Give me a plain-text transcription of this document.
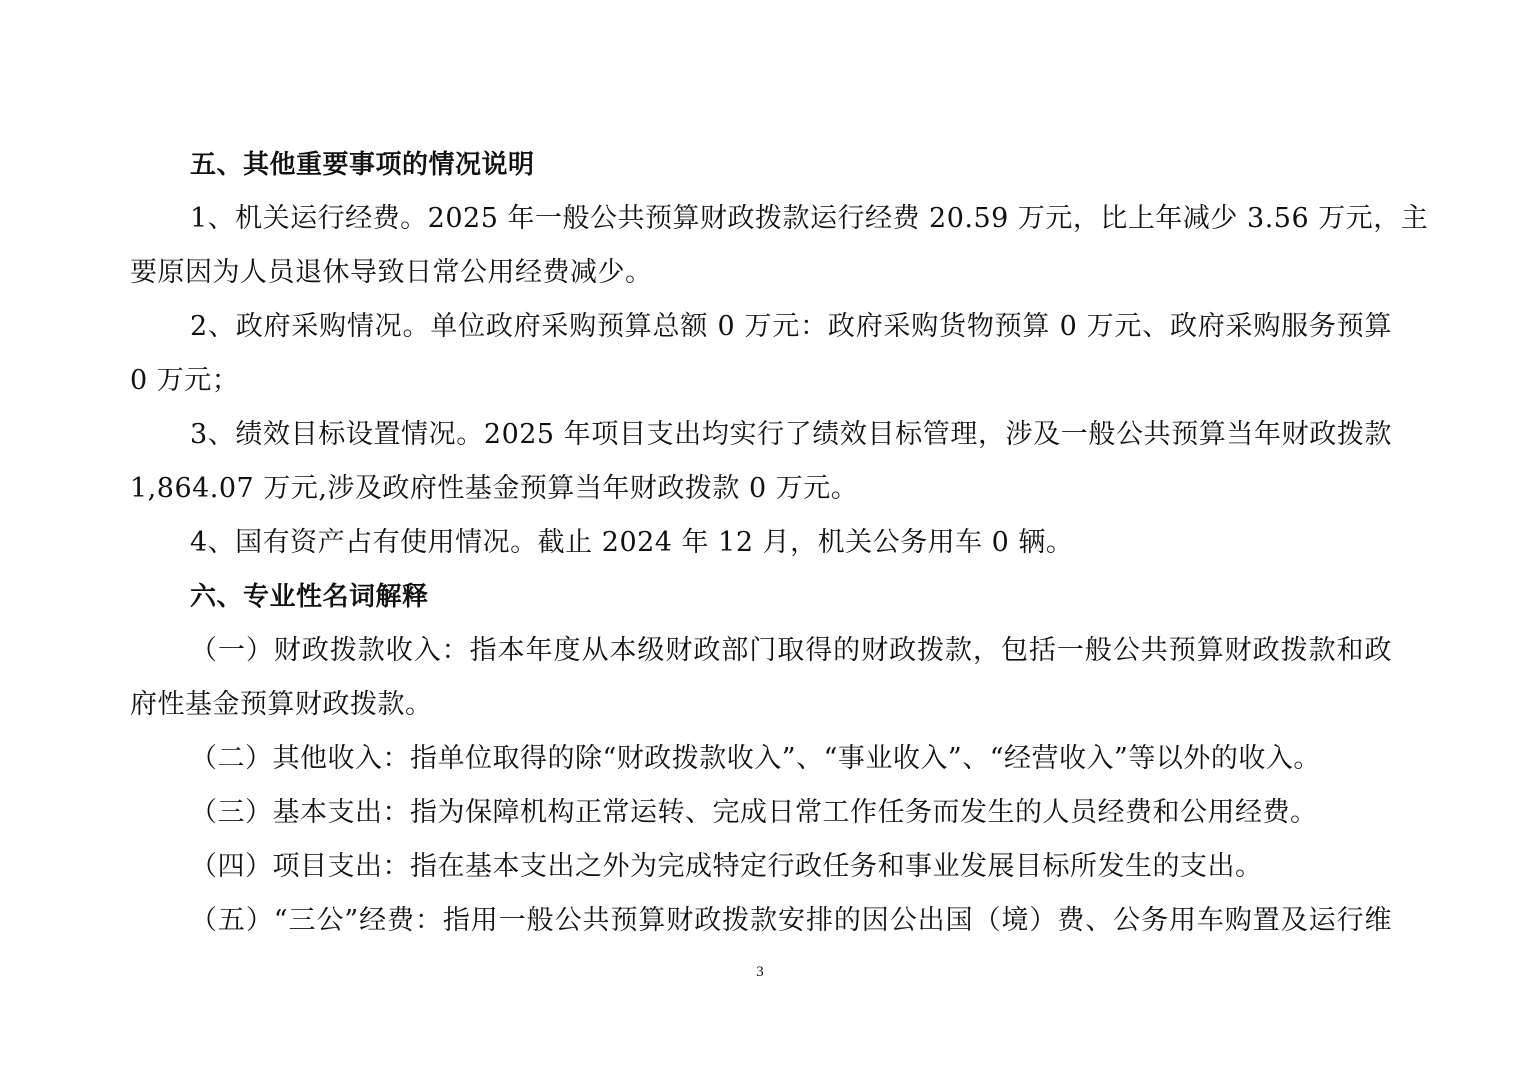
五、其他重要事项的情况说明
1、机关运行经费。2025 年一般公共预算财政拨款运行经费 20.59 万元，比上年减少 3.56 万元，主
要原因为人员退休导致日常公用经费减少。
2、政府采购情况。单位政府采购预算总额 0 万元：政府采购货物预算 0 万元、政府采购服务预算
0 万元；
3、绩效目标设置情况。2025 年项目支出均实行了绩效目标管理，涉及一般公共预算当年财政拨款
1,864.07 万元,涉及政府性基金预算当年财政拨款 0 万元。
4、国有资产占有使用情况。截止 2024 年 12 月，机关公务用车 0 辆。
六、专业性名词解释
（一）财政拨款收入：指本年度从本级财政部门取得的财政拨款，包括一般公共预算财政拨款和政
府性基金预算财政拨款。
（二）其他收入：指单位取得的除“财政拨款收入”、“事业收入”、“经营收入”等以外的收入。
（三）基本支出：指为保障机构正常运转、完成日常工作任务而发生的人员经费和公用经费。
（四）项目支出：指在基本支出之外为完成特定行政任务和事业发展目标所发生的支出。
（五）“三公”经费：指用一般公共预算财政拨款安排的因公出国（境）费、公务用车购置及运行维
3
